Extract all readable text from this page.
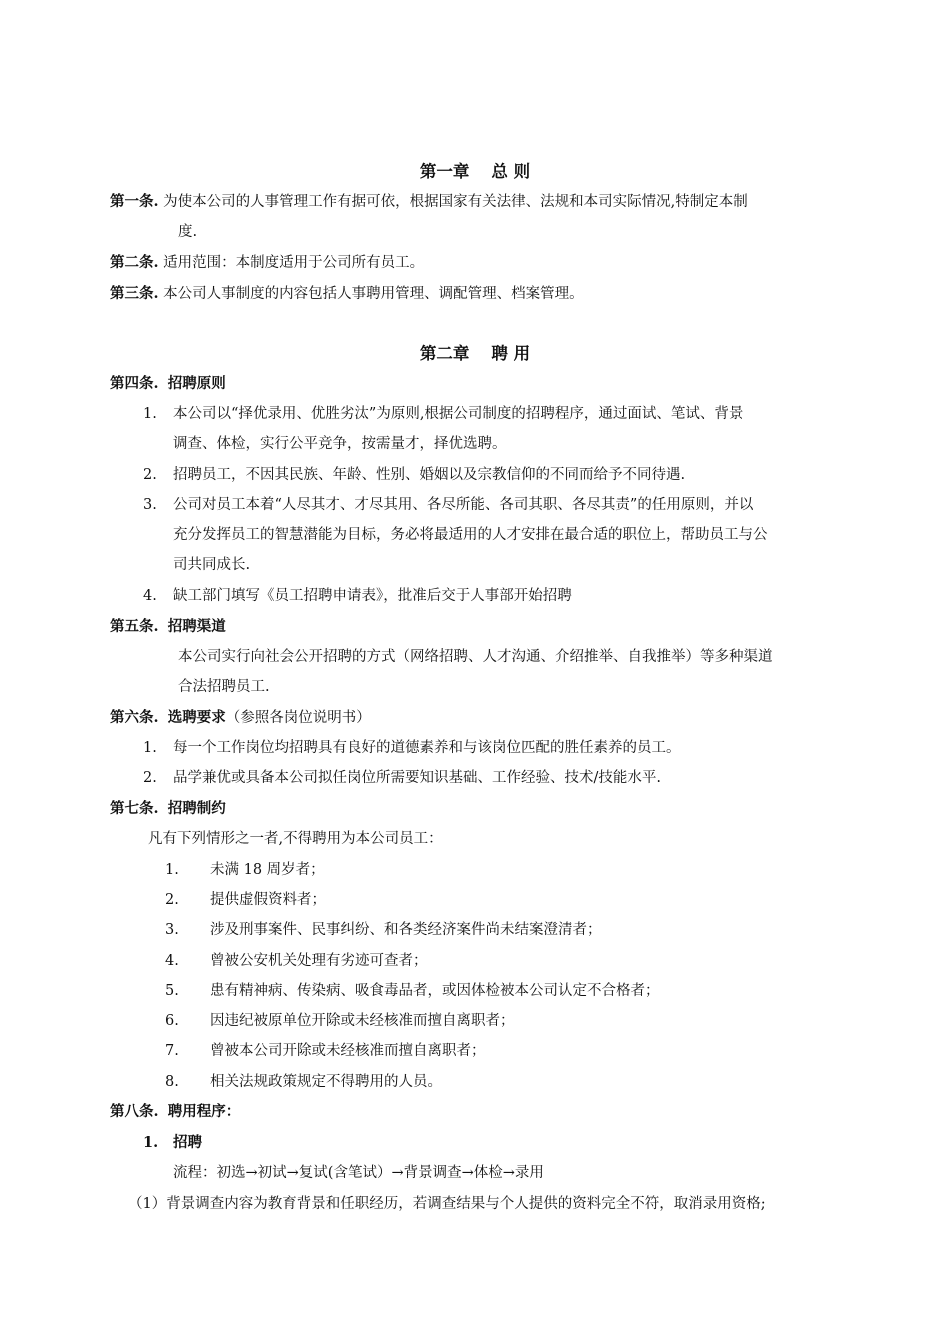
第一章 总 则
第一条. 为使本公司的人事管理工作有据可依，根据国家有关法律、法规和本司实际情况,特制定本制
度.
第二条. 适用范围：本制度适用于公司所有员工。
第三条. 本公司人事制度的内容包括人事聘用管理、调配管理、档案管理。
第二章 聘 用
第四条. 招聘原则
1. 本公司以“择优录用、优胜劣汰”为原则,根据公司制度的招聘程序，通过面试、笔试、背景
调查、体检，实行公平竞争，按需量才，择优选聘。
2. 招聘员工，不因其民族、年龄、性别、婚姻以及宗教信仰的不同而给予不同待遇.
3. 公司对员工本着“人尽其才、才尽其用、各尽所能、各司其职、各尽其责”的任用原则，并以
充分发挥员工的智慧潜能为目标，务必将最适用的人才安排在最合适的职位上，帮助员工与公
司共同成长.
4. 缺工部门填写《员工招聘申请表》，批准后交于人事部开始招聘
第五条. 招聘渠道
本公司实行向社会公开招聘的方式（网络招聘、人才沟通、介绍推举、自我推举）等多种渠道
合法招聘员工.
第六条. 选聘要求（参照各岗位说明书）
1. 每一个工作岗位均招聘具有良好的道德素养和与该岗位匹配的胜任素养的员工。
2. 品学兼优或具备本公司拟任岗位所需要知识基础、工作经验、技术/技能水平.
第七条. 招聘制约
凡有下列情形之一者,不得聘用为本公司员工：
1. 未满 18 周岁者；
2. 提供虚假资料者；
3. 涉及刑事案件、民事纠纷、和各类经济案件尚未结案澄清者；
4. 曾被公安机关处理有劣迹可查者；
5. 患有精神病、传染病、吸食毒品者，或因体检被本公司认定不合格者；
6. 因违纪被原单位开除或未经核准而擅自离职者；
7. 曾被本公司开除或未经核准而擅自离职者；
8. 相关法规政策规定不得聘用的人员。
第八条. 聘用程序：
1. 招聘
流程：初选→初试→复试(含笔试）→背景调查→体检→录用
（1）背景调查内容为教育背景和任职经历，若调查结果与个人提供的资料完全不符，取消录用资格;
